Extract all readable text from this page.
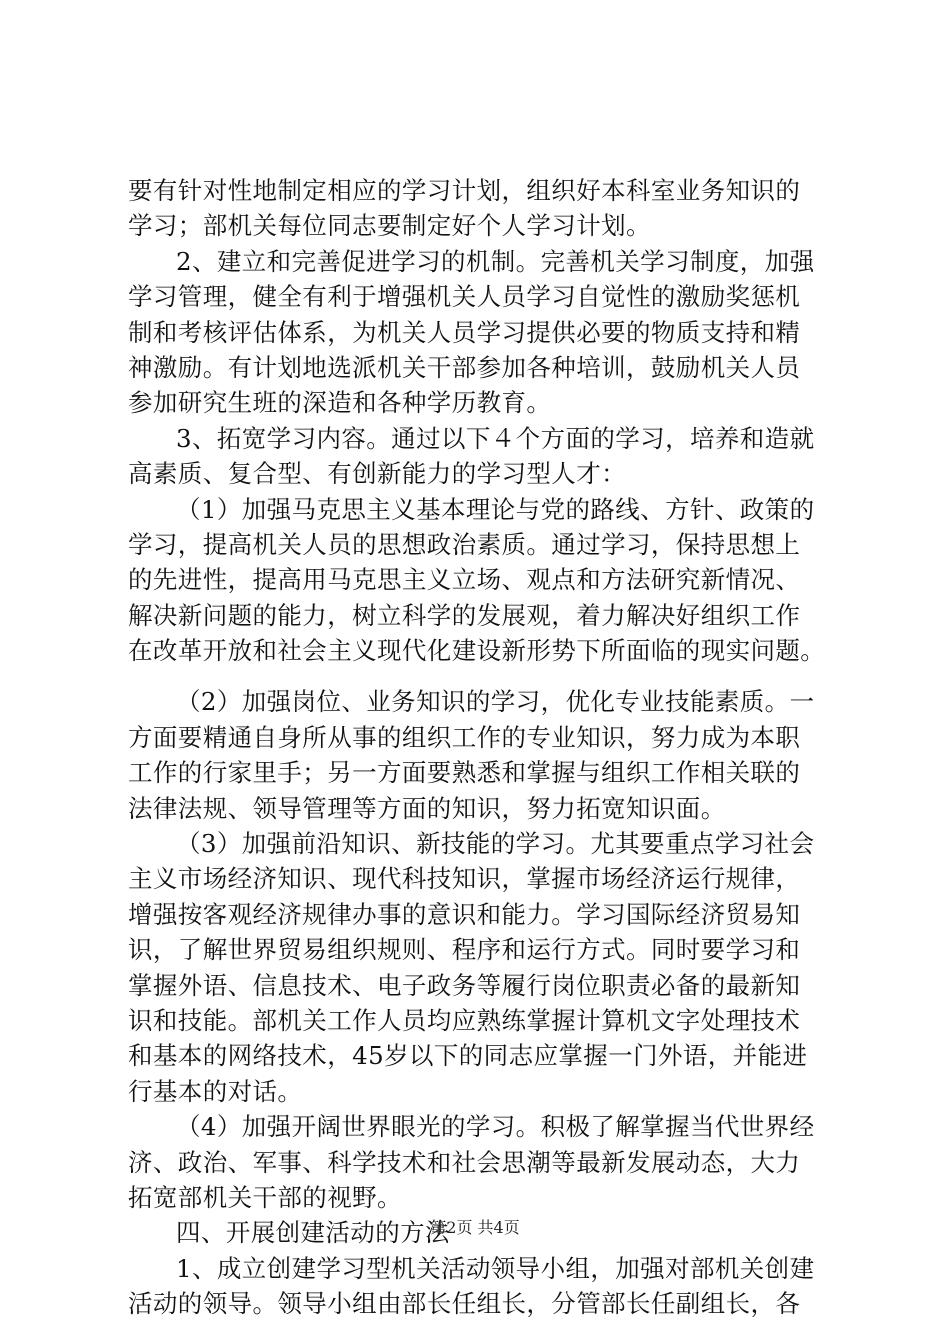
要有针对性地制定相应的学习计划，组织好本科室业务知识的
学习；部机关每位同志要制定好个人学习计划。
2、建立和完善促进学习的机制。完善机关学习制度，加强
学习管理，健全有利于增强机关人员学习自觉性的激励奖惩机
制和考核评估体系，为机关人员学习提供必要的物质支持和精
神激励。有计划地选派机关干部参加各种培训，鼓励机关人员
参加研究生班的深造和各种学历教育。
3、拓宽学习内容。通过以下４个方面的学习，培养和造就
高素质、复合型、有创新能力的学习型人才：
（1）加强马克思主义基本理论与党的路线、方针、政策的
学习，提高机关人员的思想政治素质。通过学习，保持思想上
的先进性，提高用马克思主义立场、观点和方法研究新情况、
解决新问题的能力，树立科学的发展观，着力解决好组织工作
在改革开放和社会主义现代化建设新形势下所面临的现实问题。
（2）加强岗位、业务知识的学习，优化专业技能素质。一
方面要精通自身所从事的组织工作的专业知识，努力成为本职
工作的行家里手；另一方面要熟悉和掌握与组织工作相关联的
法律法规、领导管理等方面的知识，努力拓宽知识面。
（3）加强前沿知识、新技能的学习。尤其要重点学习社会
主义市场经济知识、现代科技知识，掌握市场经济运行规律，
增强按客观经济规律办事的意识和能力。学习国际经济贸易知
识，了解世界贸易组织规则、程序和运行方式。同时要学习和
掌握外语、信息技术、电子政务等履行岗位职责必备的最新知
识和技能。部机关工作人员均应熟练掌握计算机文字处理技术
和基本的网络技术，45岁以下的同志应掌握一门外语，并能进
行基本的对话。
（4）加强开阔世界眼光的学习。积极了解掌握当代世界经
济、政治、军事、科学技术和社会思潮等最新发展动态，大力
拓宽部机关干部的视野。
四、开展创建活动的方法
1、成立创建学习型机关活动领导小组，加强对部机关创建
活动的领导。领导小组由部长任组长，分管部长任副组长，各
第2页 共4页
